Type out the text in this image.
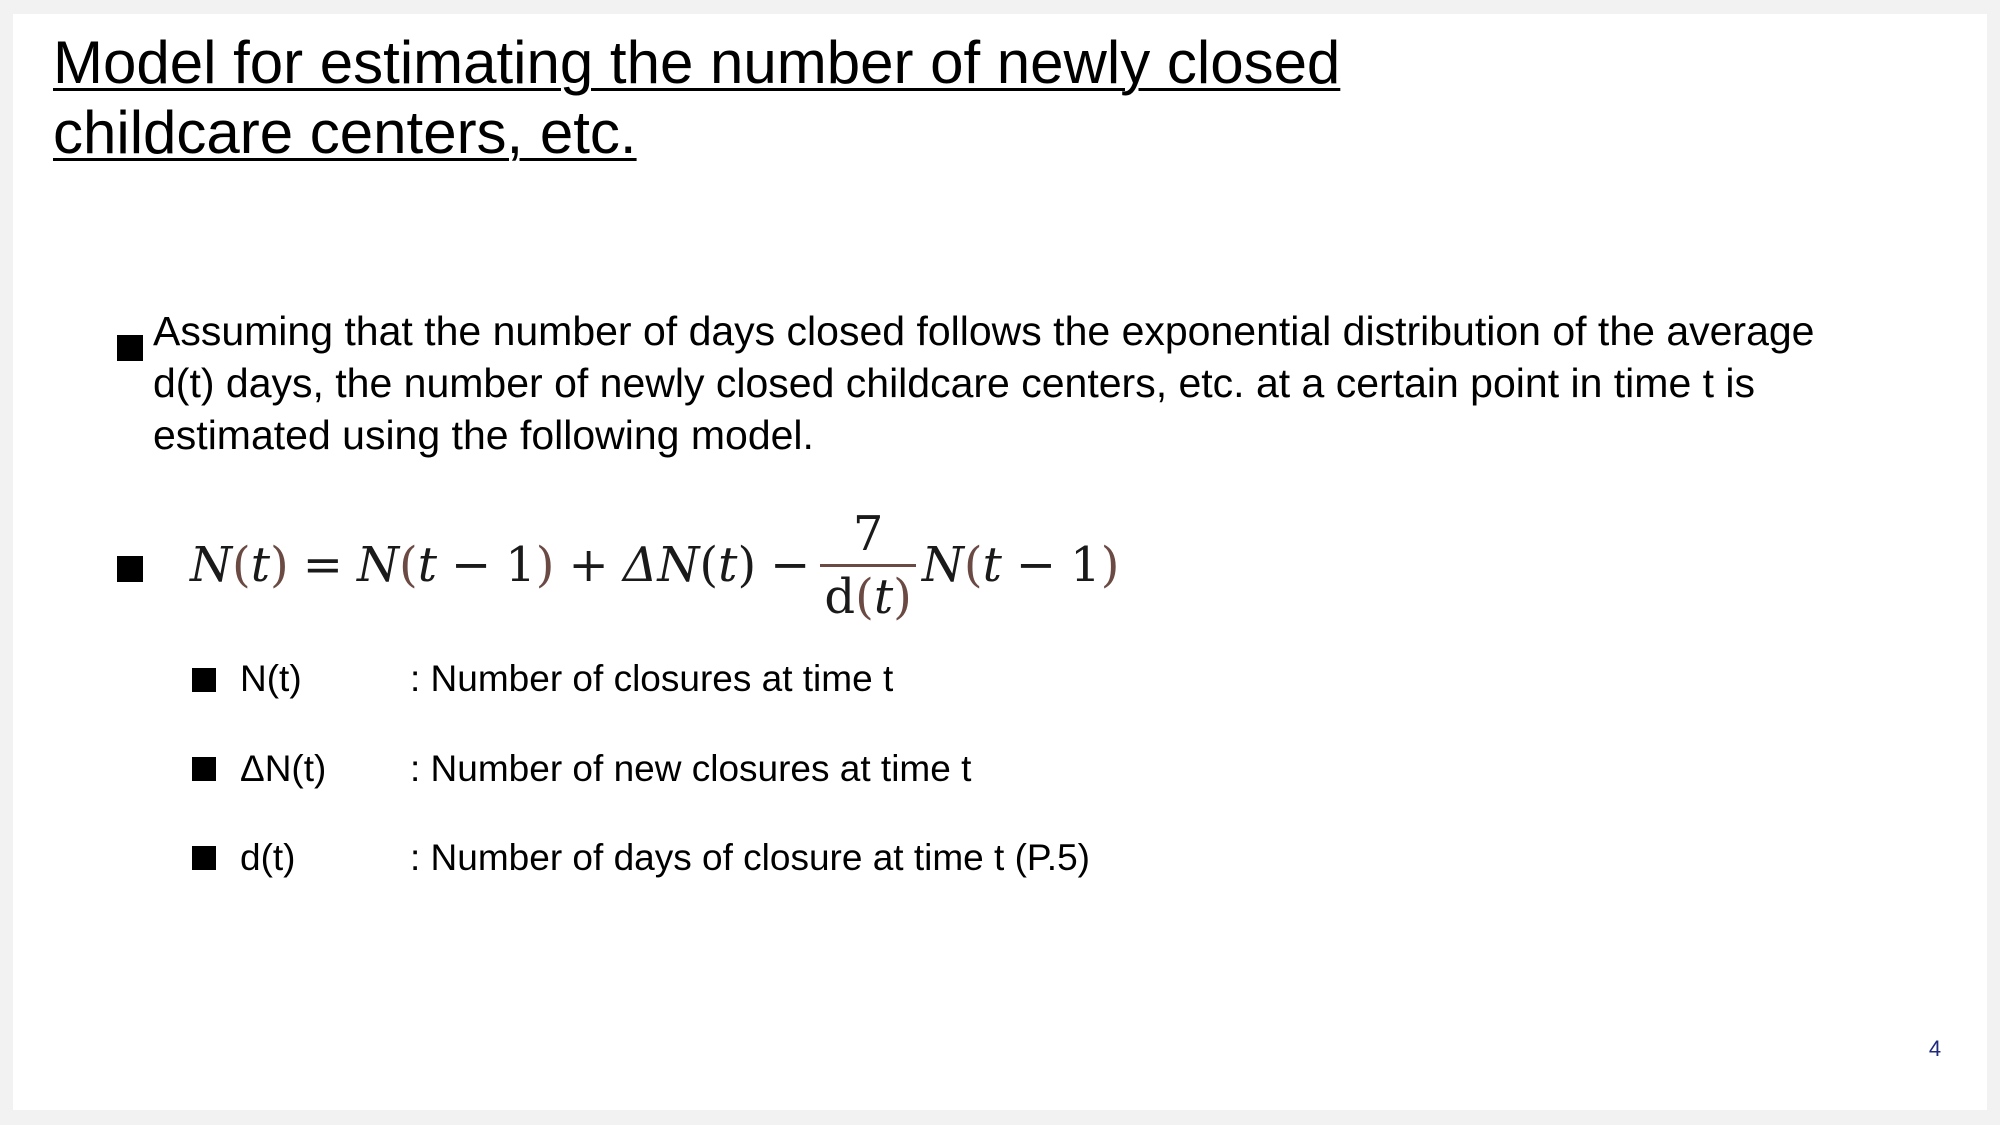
Model for estimating the number of newly closed
childcare centers, etc.
Assuming that the number of days closed follows the exponential distribution of the average
d(t) days, the number of newly closed childcare centers, etc. at a certain point in time t is
estimated using the following model.
N ( t ) = N ( t − 1 ) + ΔN ( t ) − $\frac{7}{d(t)}$ N ( t − 1 )
N(t)	: Number of closures at time t
ΔN(t) : Number of new closures at time t
d(t)	: Number of days of closure at time t (P.5)
4
